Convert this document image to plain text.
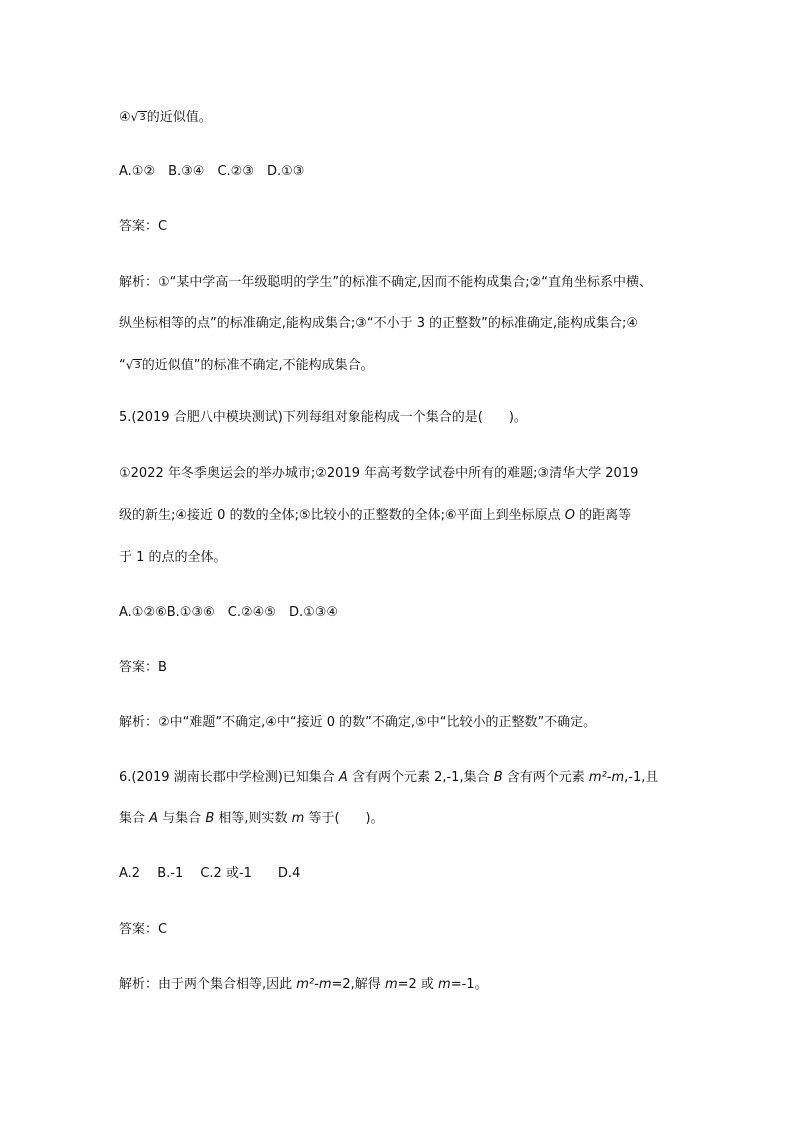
④√3的近似值。
A.①②　B.③④　C.②③　D.①③
答案：C
解析：①“某中学高一年级聪明的学生”的标准不确定,因而不能构成集合;②“直角坐标系中横、
纵坐标相等的点”的标准确定,能构成集合;③“不小于 3 的正整数”的标准确定,能构成集合;④
“√3的近似值”的标准不确定,不能构成集合。
5.(2019 合肥八中模块测试)下列每组对象能构成一个集合的是(　　)。
①2022 年冬季奥运会的举办城市;②2019 年高考数学试卷中所有的难题;③清华大学 2019
级的新生;④接近 0 的数的全体;⑤比较小的正整数的全体;⑥平面上到坐标原点 O 的距离等
于 1 的点的全体。
A.①②⑥B.①③⑥　C.②④⑤　D.①③④
答案：B
解析：②中“难题”不确定,④中“接近 0 的数”不确定,⑤中“比较小的正整数”不确定。
6.(2019 湖南长郡中学检测)已知集合 A 含有两个元素 2,-1,集合 B 含有两个元素 m²-m,-1,且
集合 A 与集合 B 相等,则实数 m 等于(　　)。
A.2　 B.-1　 C.2 或-1　　D.4
答案：C
解析：由于两个集合相等,因此 m²-m=2,解得 m=2 或 m=-1。
